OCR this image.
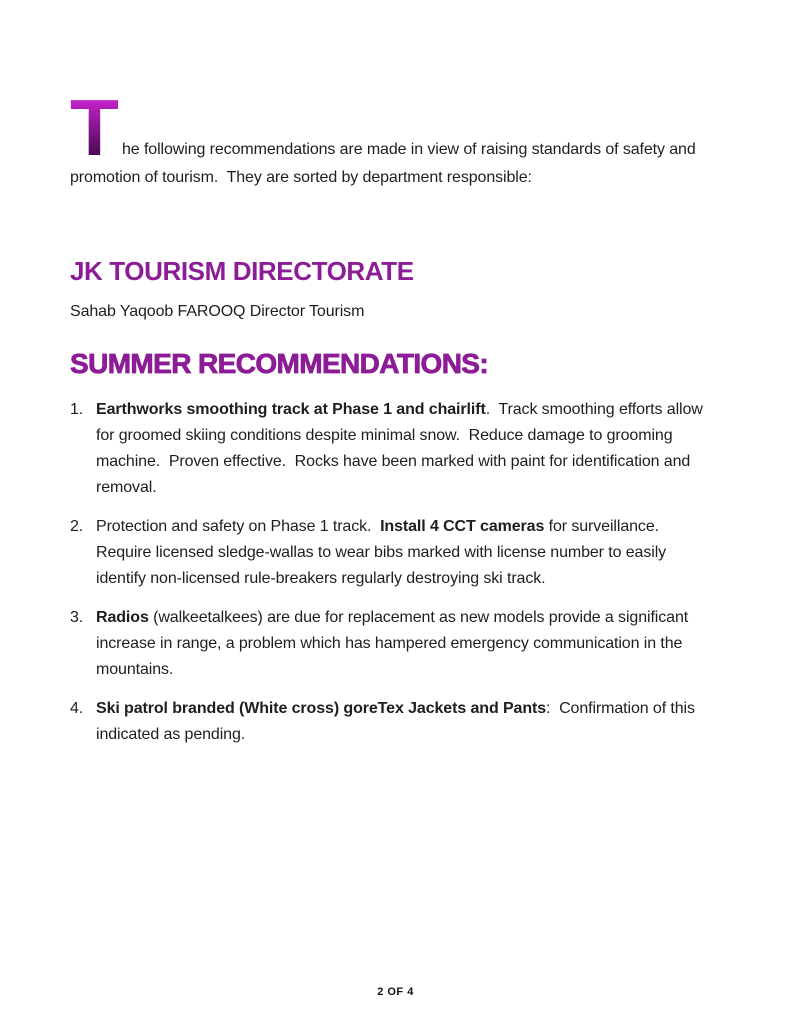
T he following recommendations are made in view of raising standards of safety and promotion of tourism.  They are sorted by department responsible:

JK TOURISM DIRECTORATE

Sahab Yaqoob FAROOQ Director Tourism

SUMMER RECOMMENDATIONS:
1. Earthworks smoothing track at Phase 1 and chairlift.  Track smoothing efforts allow for groomed skiing conditions despite minimal snow.  Reduce damage to grooming machine.  Proven effective.  Rocks have been marked with paint for identification and removal.
2. Protection and safety on Phase 1 track.  Install 4 CCT cameras for surveillance.  Require licensed sledge-wallas to wear bibs marked with license number to easily identify non-licensed rule-breakers regularly destroying ski track.
3. Radios (walkeetalkees) are due for replacement as new models provide a significant increase in range, a problem which has hampered emergency communication in the mountains.
4. Ski patrol branded (White cross) goreTex Jackets and Pants:  Confirmation of this indicated as pending.
2 OF 4
